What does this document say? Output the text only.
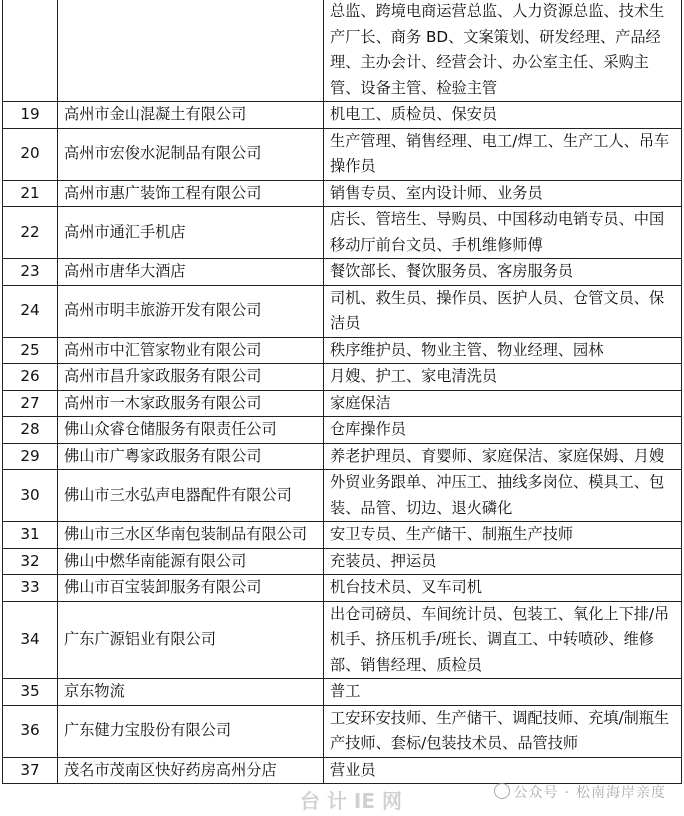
		总监、跨境电商运营总监、人力资源总监、技术生产厂长、商务 BD、文案策划、研发经理、产品经理、主办会计、经营会计、办公室主任、采购主管、设备主管、检验主管
19	高州市金山混凝土有限公司	机电工、质检员、保安员
20	高州市宏俊水泥制品有限公司	生产管理、销售经理、电工/焊工、生产工人、吊车操作员
21	高州市惠广装饰工程有限公司	销售专员、室内设计师、业务员
22	高州市通汇手机店	店长、管培生、导购员、中国移动电销专员、中国移动厅前台文员、手机维修师傅
23	高州市唐华大酒店	餐饮部长、餐饮服务员、客房服务员
24	高州市明丰旅游开发有限公司	司机、救生员、操作员、医护人员、仓管文员、保洁员
25	高州市中汇管家物业有限公司	秩序维护员、物业主管、物业经理、园林
26	高州市昌升家政服务有限公司	月嫂、护工、家电清洗员
27	高州市一木家政服务有限公司	家庭保洁
28	佛山众睿仓储服务有限责任公司	仓库操作员
29	佛山市广粤家政服务有限公司	养老护理员、育婴师、家庭保洁、家庭保姆、月嫂
30	佛山市三水弘声电器配件有限公司	外贸业务跟单、冲压工、抽线多岗位、模具工、包装、品管、切边、退火磷化
31	佛山市三水区华南包装制品有限公司	安卫专员、生产储干、制瓶生产技师
32	佛山中燃华南能源有限公司	充装员、押运员
33	佛山市百宝装卸服务有限公司	机台技术员、叉车司机
34	广东广源铝业有限公司	出仓司磅员、车间统计员、包装工、氧化上下排/吊机手、挤压机手/班长、调直工、中转喷砂、维修部、销售经理、质检员
35	京东物流	普工
36	广东健力宝股份有限公司	工安环安技师、生产储干、调配技师、充填/制瓶生产技师、套标/包装技术员、品管技师
37	茂名市茂南区快好药房高州分店	营业员
台 计 IE 网	公众号 · 松南海岸亲度
